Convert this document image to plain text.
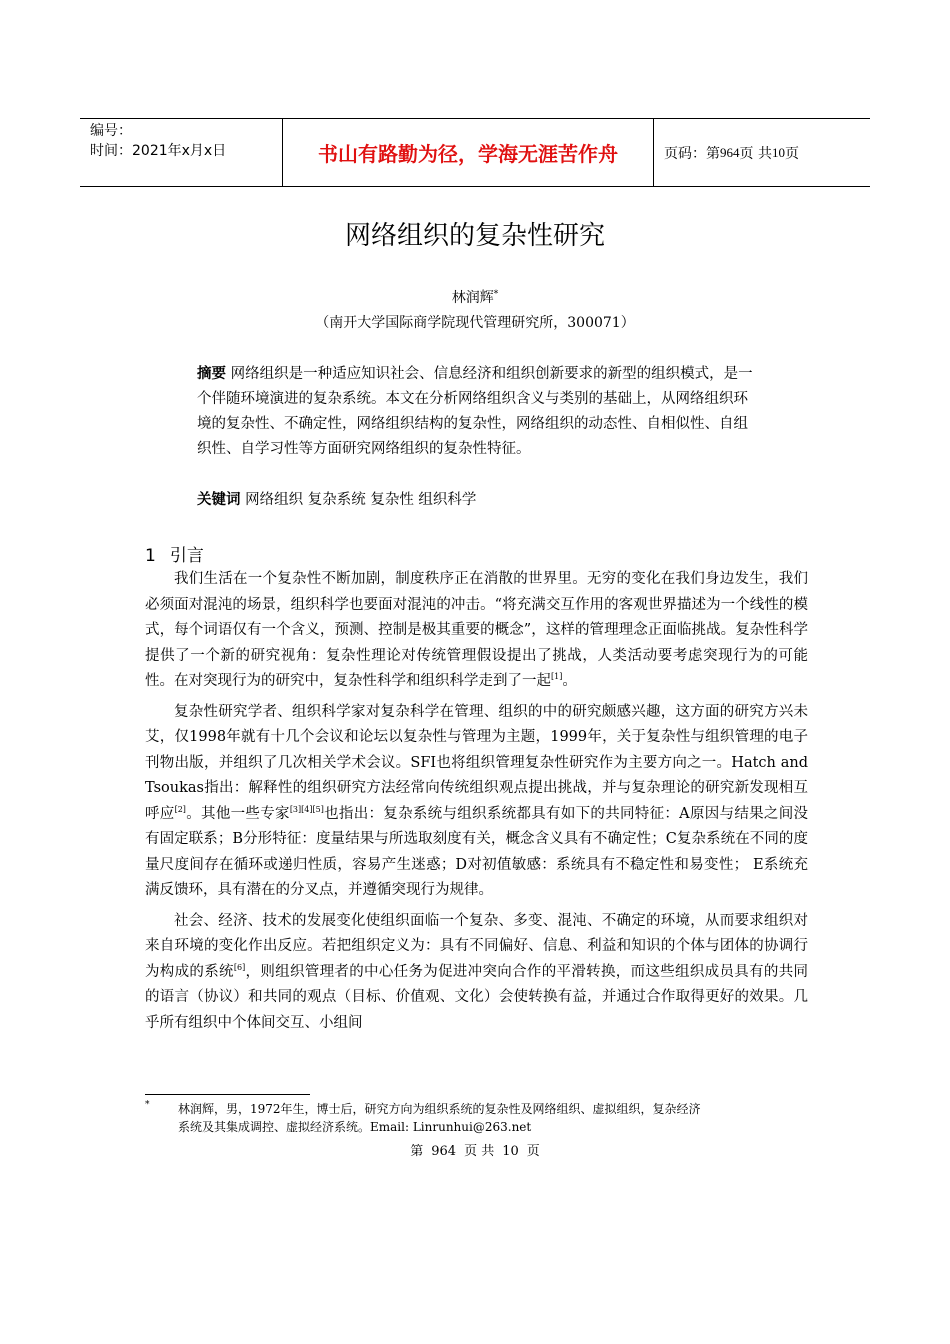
编号：
时间：2021年x月x日	书山有路勤为径，学海无涯苦作舟	页码：第 964 页 共 10 页
网络组织的复杂性研究
林润辉*
（南开大学国际商学院现代管理研究所，300071）
摘要 网络组织是一种适应知识社会、信息经济和组织创新要求的新型的组织模式，是一个伴随环境演进的复杂系统。本文在分析网络组织含义与类别的基础上，从网络组织环境的复杂性、不确定性，网络组织结构的复杂性，网络组织的动态性、自相似性、自组织性、自学习性等方面研究网络组织的复杂性特征。
关键词 网络组织 复杂系统 复杂性 组织科学
1 引言

我们生活在一个复杂性不断加剧，制度秩序正在消散的世界里。无穷的变化在我们身边发生，我们必须面对混沌的场景，组织科学也要面对混沌的冲击。“将充满交互作用的客观世界描述为一个线性的模式，每个词语仅有一个含义，预测、控制是极其重要的概念”，这样的管理理念正面临挑战。复杂性科学提供了一个新的研究视角：复杂性理论对传统管理假设提出了挑战，人类活动要考虑突现行为的可能性。在对突现行为的研究中，复杂性科学和组织科学走到了一起[1]。

复杂性研究学者、组织科学家对复杂科学在管理、组织的中的研究颇感兴趣，这方面的研究方兴未艾，仅1998年就有十几个会议和论坛以复杂性与管理为主题，1999年，关于复杂性与组织管理的电子刊物出版，并组织了几次相关学术会议。SFI也将组织管理复杂性研究作为主要方向之一。Hatch and Tsoukas指出：解释性的组织研究方法经常向传统组织观点提出挑战，并与复杂理论的研究新发现相互呼应[2]。其他一些专家[3][4][5]也指出：复杂系统与组织系统都具有如下的共同特征：A原因与结果之间没有固定联系；B分形特征：度量结果与所选取刻度有关，概念含义具有不确定性；C复杂系统在不同的度量尺度间存在循环或递归性质，容易产生迷惑；D对初值敏感：系统具有不稳定性和易变性； E系统充满反馈环，具有潜在的分叉点，并遵循突现行为规律。

社会、经济、技术的发展变化使组织面临一个复杂、多变、混沌、不确定的环境，从而要求组织对来自环境的变化作出反应。若把组织定义为：具有不同偏好、信息、利益和知识的个体与团体的协调行为构成的系统[6]，则组织管理者的中心任务为促进冲突向合作的平滑转换，而这些组织成员具有的共同的语言（协议）和共同的观点（目标、价值观、文化）会使转换有益，并通过合作取得更好的效果。几乎所有组织中个体间交互、小组间

*	林润辉，男，1972年生，博士后，研究方向为组织系统的复杂性及网络组织、虚拟组织，复杂经济
系统及其集成调控、虚拟经济系统。Email: Linrunhui@263.net
第 964 页 共 10 页
